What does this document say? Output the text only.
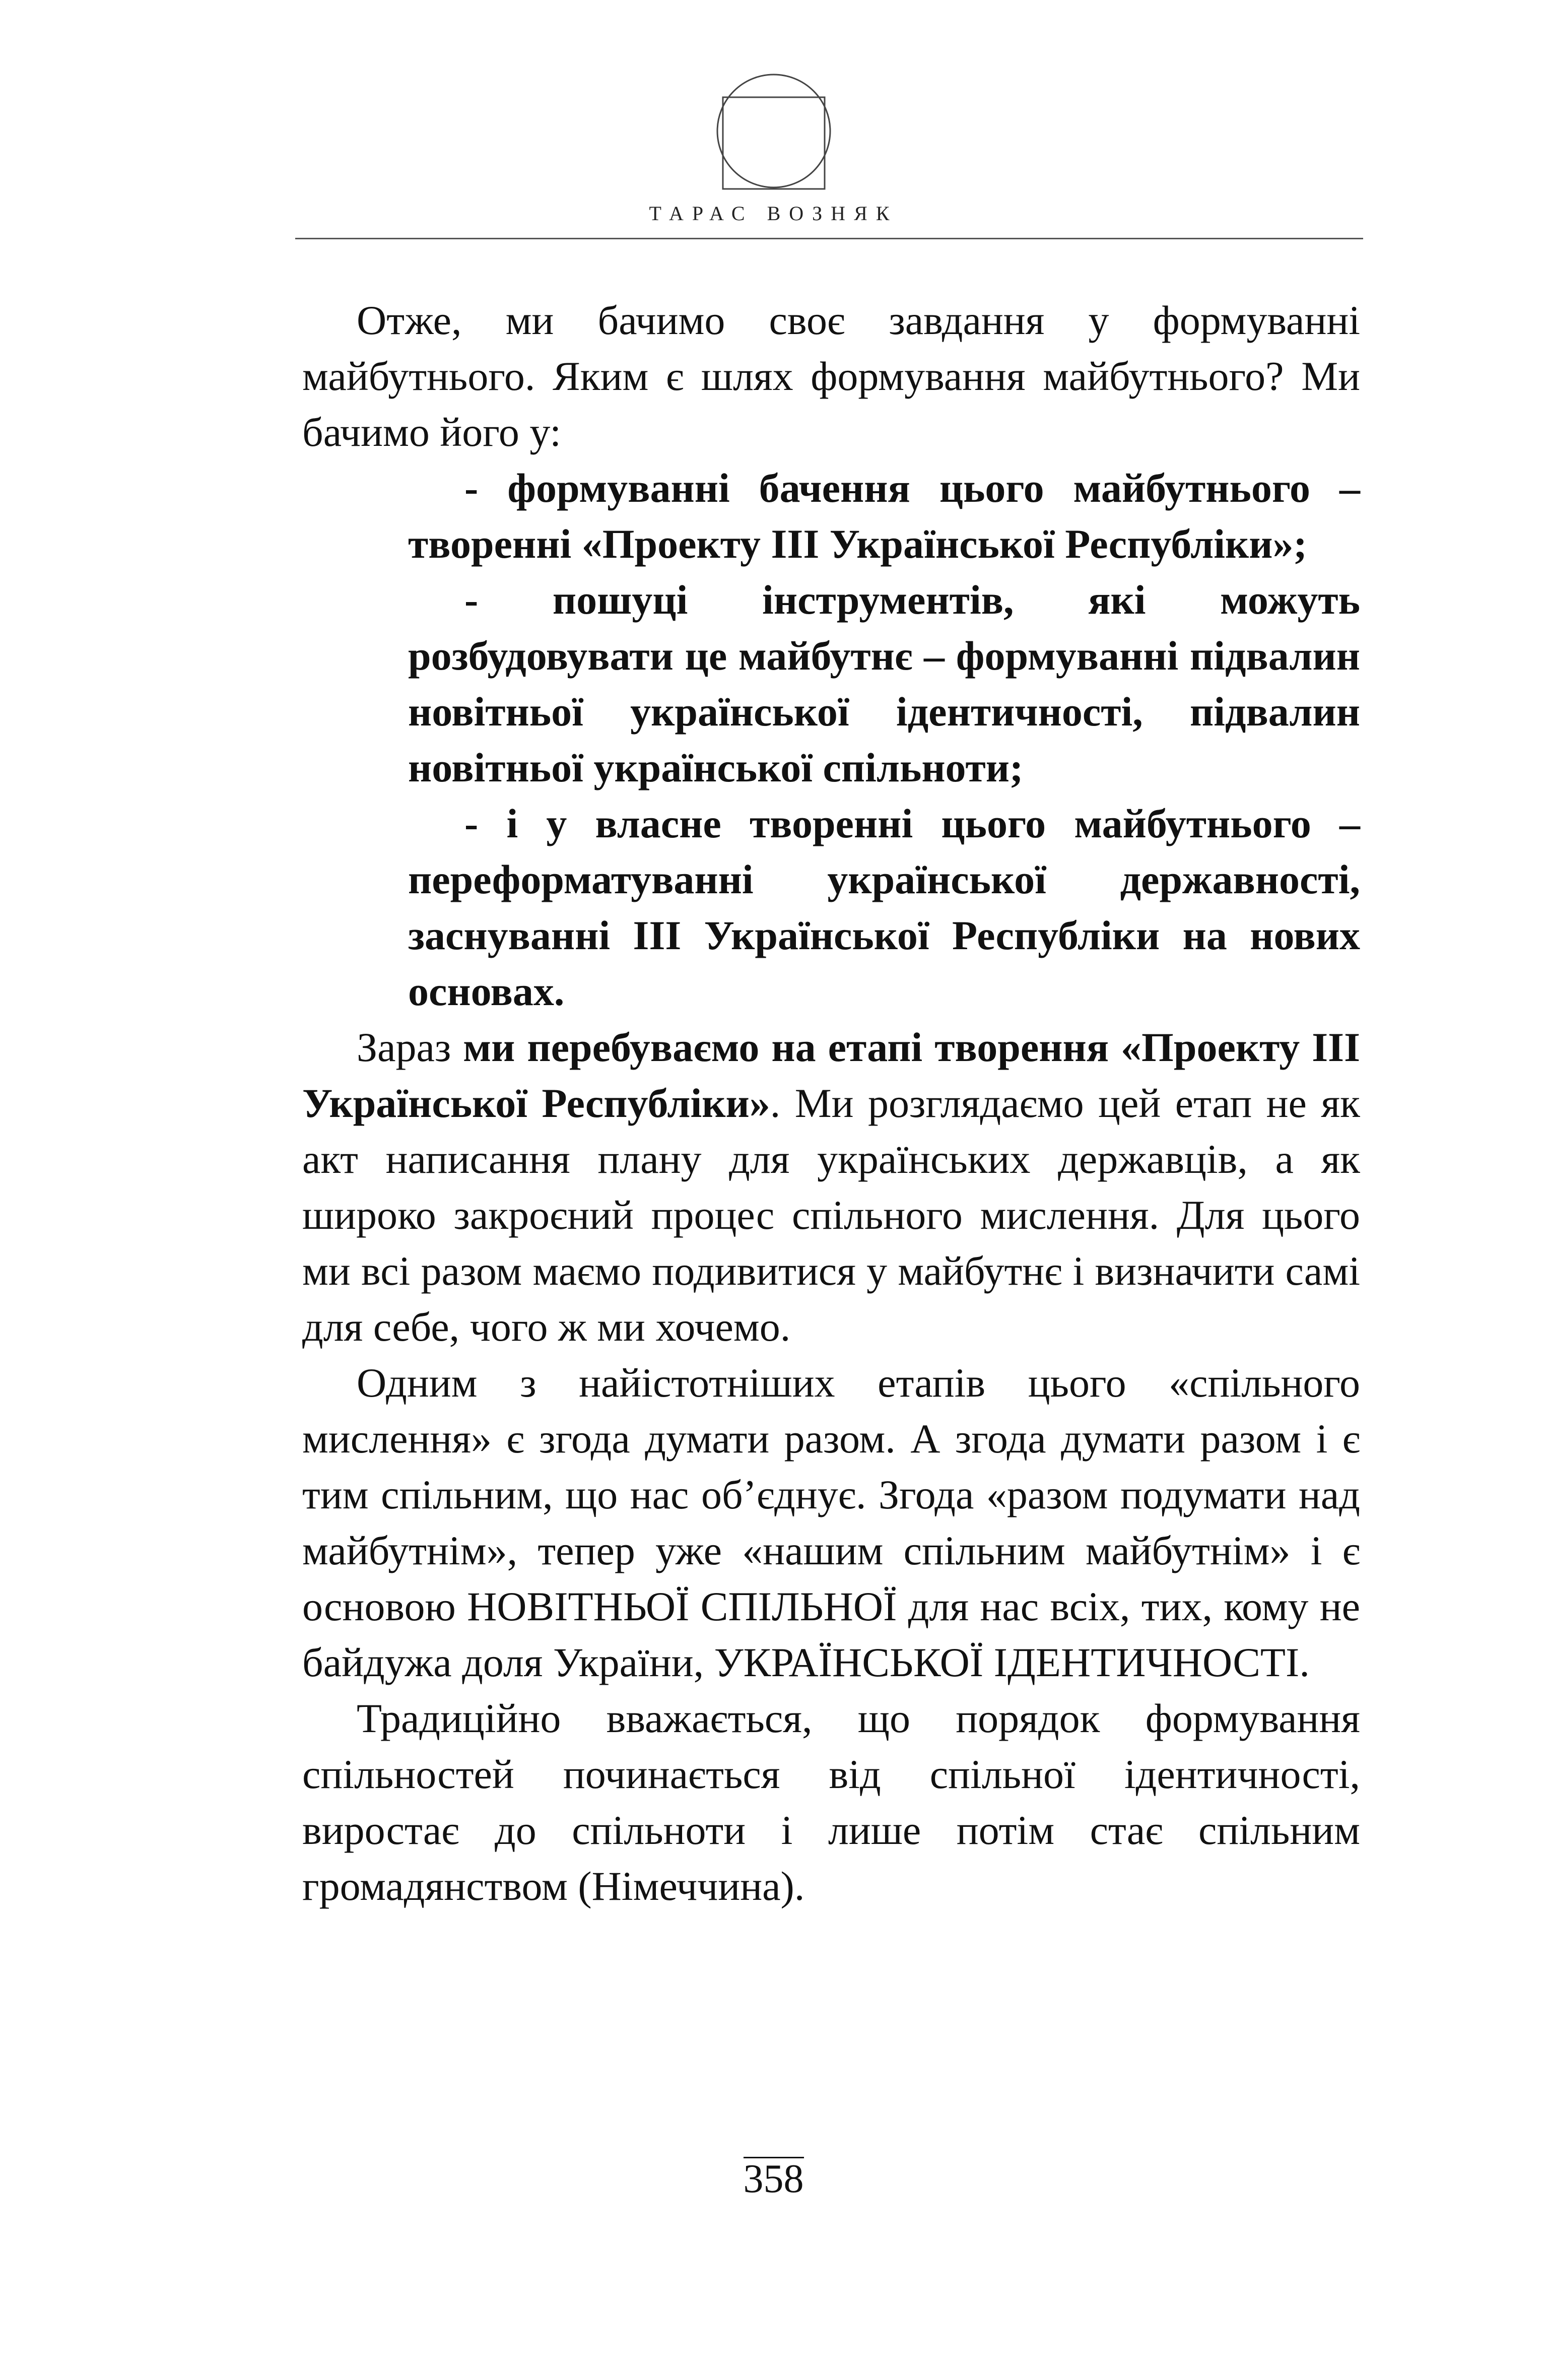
ТАРАС ВОЗНЯК

Отже, ми бачимо своє завдання у формуванні майбутнього. Яким є шлях формування майбутнього? Ми бачимо його у:

- формуванні бачення цього майбутнього – творенні «Проекту ІІІ Української Республіки»;

- пошуці інструментів, які можуть розбудовувати це майбутнє – формуванні підвалин новітньої української ідентичності, підвалин новітньої української спільноти;

- і у власне творенні цього майбутнього – переформатуванні української державності, заснуванні ІІІ Української Республіки на нових основах.

Зараз ми перебуваємо на етапі творення «Проекту ІІІ Української Республіки». Ми розглядаємо цей етап не як акт написання плану для українських державців, а як широко закроєний процес спільного мислення. Для цього ми всі разом маємо подивитися у майбутнє і визначити самі для себе, чого ж ми хочемо.

Одним з найістотніших етапів цього «спільного мислення» є згода думати разом. А згода думати разом і є тим спільним, що нас об’єднує. Згода «разом подумати над майбутнім», тепер уже «нашим спільним майбутнім» і є основою НОВІТНЬОЇ СПІЛЬНОЇ для нас всіх, тих, кому не байдужа доля України, УКРАЇНСЬКОЇ ІДЕНТИЧНОСТІ.

Традиційно вважається, що порядок формування спільностей починається від спільної ідентичності, виростає до спільноти і лише потім стає спільним громадянством (Німеччина).

358
